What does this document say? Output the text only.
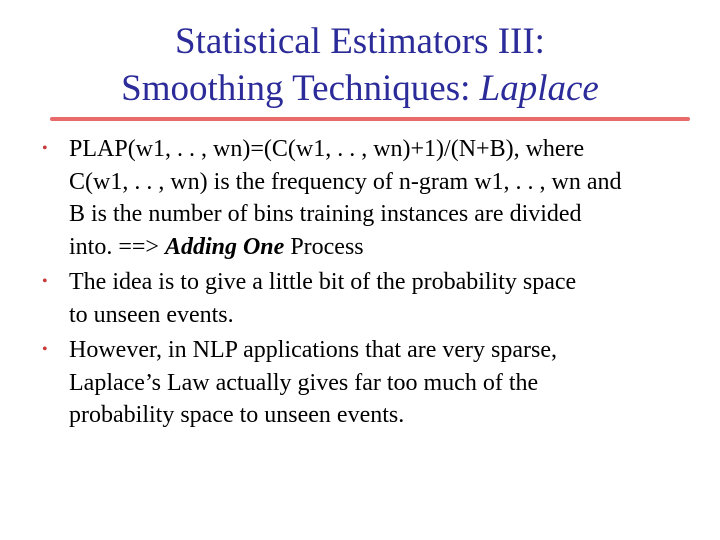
Statistical Estimators III:
Smoothing Techniques: Laplace
• PLAP(w1, . . , wn)=(C(w1, . . , wn)+1)/(N+B), where
C(w1, . . , wn) is the frequency of n-gram w1, . . , wn and
B is the number of bins training instances are divided
into. ==> Adding One Process
• The idea is to give a little bit of the probability space
to unseen events.
• However, in NLP applications that are very sparse,
Laplace’s Law actually gives far too much of the
probability space to unseen events.
